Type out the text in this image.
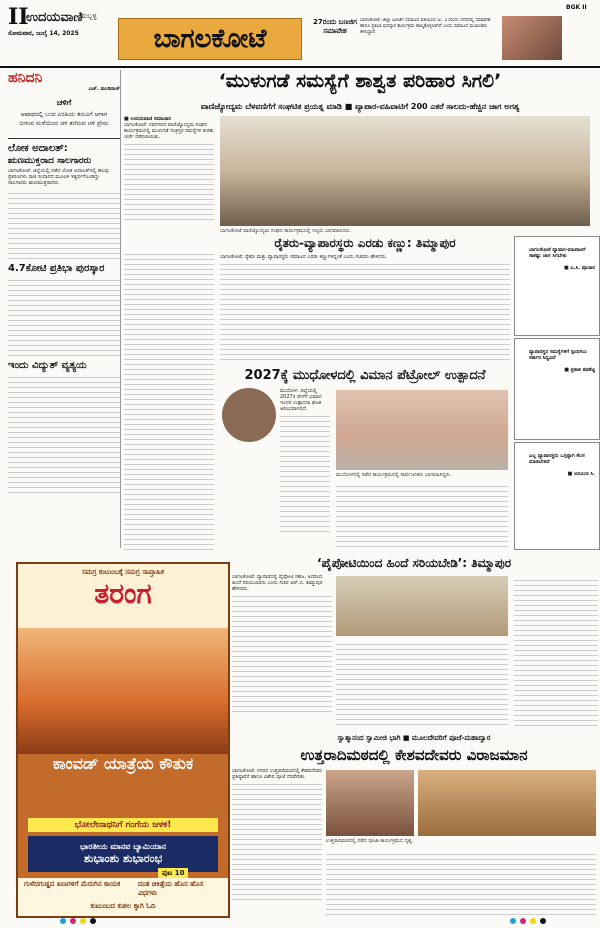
II
ಉದಯವಾಣಿ
ಹುಬ್ಬಳ್ಳಿ
ಸೋಮವಾರ, ಜುಲೈ 14, 2025	ಬಾಗಲಕೋಟೆ
27ರಂದು ಬಣಜಿಗ ಸಮಾವೇಶ
ಬಾಗಲಕೋಟೆ: ಜಿಲ್ಲಾ ಬಣಜಿಗ ಸಮಾಜದ ವತಿಯಿಂದ ಜು. 27ರಂದು ನಗರದಲ್ಲಿ ಸಮಾವೇಶ ಹಾಗೂ ಪ್ರತಿಭಾ ಪುರಸ್ಕಾರ ಕಾರ್ಯಕ್ರಮ ಹಮ್ಮಿಕೊಳ್ಳಲಾಗಿದೆ ಎಂದು ಸಮಾಜದ ಮುಖಂಡರು ತಿಳಿಸಿದ್ದಾರೆ.
BGK II
ಹನಿದನಿ
ಎಚ್. ಡುಂಡಿರಾಜ್
ಚಳಿಗೆ
ಆಷಾಢದಲ್ಲಿ ಬಂದ ವಿರಹಿಯ ತನುವಿಗೆ ಆಗಾಗ ಬೀಳುವ ಮಳೆಯಿಂದ ಚಳಿ ತಣಿಸುವ ಚಳಿ ಪ್ರೇಮ
ಲೋಕ ಅದಾಲತ್:
ಋಣಮುಕ್ತರಾದ ಸಾಲಗಾರರು
ಬಾಗಲಕೋಟೆ: ಜಿಲ್ಲೆಯಲ್ಲಿ ನಡೆದ ಲೋಕ ಅದಾಲತ್‌ನಲ್ಲಿ ಹಲವು ಪ್ರಕರಣಗಳು ರಾಜಿ ಸಂಧಾನದ ಮೂಲಕ ಇತ್ಯರ್ಥಗೊಂಡಿದ್ದು ಸಾಲಗಾರರು ಋಣಮುಕ್ತರಾದರು.
4.7ಕೋಟಿ ಪ್ರತಿಭಾ ಪುರಸ್ಕಾರ
ಇಂದು ವಿದ್ಯುತ್ ವ್ಯತ್ಯಯ
‘ಮುಳುಗಡೆ ಸಮಸ್ಯೆಗೆ ಶಾಶ್ವತ ಪರಿಹಾರ ಸಿಗಲಿ’
ವಾಣಿಜ್ಯೋದ್ಯಮ ಬೆಳವಣಿಗೆಗೆ ಸಂಘಟಿತ ಪ್ರಯತ್ನ ಮಾಡಿ ■ ವ್ಯಾಪಾರ-ವಹಿವಾಟಿಗೆ 200 ಎಕರೆ ಸಾಲದು-ಹೆಚ್ಚಿನ ಜಾಗ ಅಗತ್ಯ
■ ಉದಯವಾಣಿ ಸಮಾಚಾರ
ಬಾಗಲಕೋಟೆ: ನವನಗರದ ವಾಣಿಜ್ಯೋದ್ಯಮ ಸಂಘದ ಕಾರ್ಯಕ್ರಮದಲ್ಲಿ ಮುಳುಗಡೆ ಸಂತ್ರಸ್ತರ ಸಮಸ್ಯೆಗಳ ಕುರಿತು ಚರ್ಚೆ ನಡೆಸಲಾಯಿತು.
ಬಾಗಲಕೋಟೆ ವಾಣಿಜ್ಯೋದ್ಯಮ ಸಂಘದ ಕಾರ್ಯಕ್ರಮದಲ್ಲಿ ಗಣ್ಯರು ಭಾಗವಹಿಸಿದರು.
ರೈತರು-ವ್ಯಾಪಾರಸ್ಥರು ಎರಡು ಕಣ್ಣು: ತಿಮ್ಮಾಪುರ
ಬಾಗಲಕೋಟೆ: ರೈತರು ಮತ್ತು ವ್ಯಾಪಾರಸ್ಥರು ಸಮಾಜದ ಎರಡು ಕಣ್ಣುಗಳಿದ್ದಂತೆ ಎಂದು ಸಚಿವರು ಹೇಳಿದರು.
ಬಾಗಲಕೋಟೆ ವ್ಯಾಪಾರ-ವಹಿವಾಟಿಗೆ ಸಾಕಷ್ಟು ಜಾಗ ಸಿಗಬೇಕು
■ ಎ.ಸಿ. ಪೂಜಾರ
ವ್ಯಾಪಾರಸ್ಥರ ಸಮಸ್ಯೆಗಳಿಗೆ ಸ್ಪಂದಿಸಲು ಸರ್ಕಾರ ಸಿದ್ಧವಿದೆ
■ ಪ್ರಕಾಶ ತಪಶೆಟ್ಟಿ
ಎಲ್ಲ ವ್ಯಾಪಾರಸ್ಥರು ಒಗ್ಗಟ್ಟಾಗಿ ಕೆಲಸ ಮಾಡಬೇಕಿದೆ
■ ಅರವಿಂದ ಸಿ.
2027ಕ್ಕೆ ಮುಧೋಳದಲ್ಲಿ ವಿಮಾನ ಪೆಟ್ರೋಲ್ ಉತ್ಪಾದನೆ
ಮುಧೋಳ: ಜಿಲ್ಲೆಯಲ್ಲಿ 2027ರ ವೇಳೆಗೆ ವಿಮಾನ ಇಂಧನ ಉತ್ಪಾದನಾ ಘಟಕ ಆರಂಭವಾಗಲಿದೆ.
ಮುಧೋಳದಲ್ಲಿ ನಡೆದ ಕಾರ್ಯಕ್ರಮದಲ್ಲಿ ಸಾರ್ವಜನಿಕರು ಭಾಗವಹಿಸಿದ್ದರು.
ಸಮಗ್ರ ಕುಟುಂಬಕ್ಕೆ ಸಮಗ್ರ ಸಾಪ್ತಾಹಿಕ
ತರಂಗ
ಕಾಂವಡ್ ಯಾತ್ರೆಯ ಕೌತುಕ
ಭೋಲೇನಾಥನಿಗೆ ಗಂಗೆಯ ಜಳಕ!
ಭಾರತೀಯ ಮಾನವ ಬ್ಯಾಮಿಯಾನ
ಶುಭಾಂಶು ಶುಭಾರಂಭ
ಪುಟ 10
ಗುಳೆದಗುಡ್ಡದ ಖಣಗಳಿಗೆ ಮೆರುಗಿನ ಕಾಯಕ	ದಂತ ಚಿಕಿತ್ಸೆಯ ಹೊಸ ಹೊಸ ವಿಧಗಳು
ಕುಟುಂಬದ ಕುಶಲ ಕ್ಕಾಗಿ ಓದಿ
‘ಪೈಪೋಟಿಯಿಂದ ಹಿಂದೆ ಸರಿಯಬೇಡಿ’: ತಿಮ್ಮಾಪುರ
ಬಾಗಲಕೋಟೆ: ವ್ಯಾಪಾರದಲ್ಲಿ ಪೈಪೋಟಿ ಸಹಜ, ಅದರಿಂದ ಹಿಂದೆ ಸರಿಯಬಾರದು ಎಂದು ಸಚಿವ ಆರ್.ಬಿ. ತಿಮ್ಮಾಪುರ ಹೇಳಿದರು.
ಸ್ವಾತ್ಮಾನಂದ ಸ್ವಾಮೀಜಿ ಭಾಗಿ ■ ಮೂಲದೇವರಿಗೆ ಪೂಜೆ-ಮಹಾದ್ವಾರ
ಉತ್ತರಾದಿಮಠದಲ್ಲಿ ಕೇಶವದೇವರು ವಿರಾಜಮಾನ
ಬಾಗಲಕೋಟೆ: ನಗರದ ಉತ್ತರಾದಿಮಠದಲ್ಲಿ ಕೇಶವದೇವರ ಪ್ರತಿಷ್ಠಾಪನೆ ಹಾಗೂ ವಿಶೇಷ ಪೂಜೆ ನೆರವೇರಿತು.
ಉತ್ತರಾದಿಮಠದಲ್ಲಿ ನಡೆದ ಪೂಜಾ ಕಾರ್ಯಕ್ರಮದ ದೃಶ್ಯ.
